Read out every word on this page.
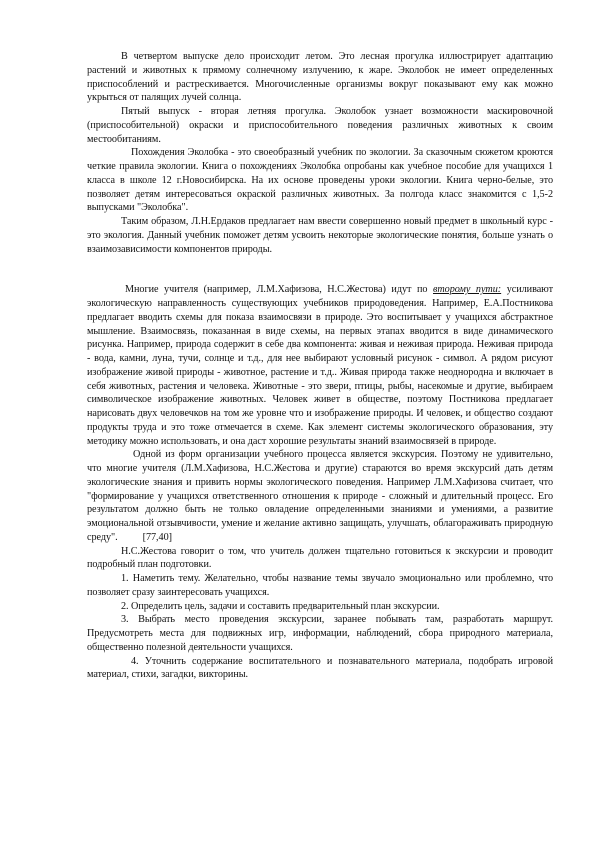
В четвертом выпуске дело происходит летом. Это лесная прогулка иллюстрирует адаптацию растений и животных к прямому солнечному излучению, к жаре. Эколобок не имеет определенных приспособлений и растрескивается. Многочисленные организмы вокруг показывают ему как можно укрыться от палящих лучей солнца.

Пятый выпуск - вторая летняя прогулка. Эколобок узнает возможности маскировочной (приспособительной) окраски и приспособительного поведения различных животных к своим местообитаниям.

Похождения Эколобка - это своеобразный учебник по экологии. За сказочным сюжетом кроются четкие правила экологии. Книга о похождениях Эколобка опробаны как учебное пособие для учащихся 1 класса в школе 12 г.Новосибирска. На их основе проведены уроки экологии. Книга черно-белые, это позволяет детям интересоваться окраской различных животных. За полгода класс знакомится с 1,5-2 выпусками "Эколобка".

Таким образом, Л.Н.Ердаков предлагает нам ввести совершенно новый предмет в школьный курс - это экология. Данный учебник поможет детям усвоить некоторые экологические понятия, больше узнать о взаимозависимости компонентов природы.

Многие учителя (например, Л.М.Хафизова, Н.С.Жестова) идут по второму пути: усиливают экологическую направленность существующих учебников природоведения. Например, Е.А.Постникова предлагает вводить схемы для показа взаимосвязи в природе. Это воспитывает у учащихся абстрактное мышление. Взаимосвязь, показанная в виде схемы, на первых этапах вводится в виде динамического рисунка. Например, природа содержит в себе два компонента: живая и неживая природа. Неживая природа - вода, камни, луна, тучи, солнце и т.д., для нее выбирают условный рисунок - символ. А рядом рисуют изображение живой природы - животное, растение и т.д.. Живая природа также неоднородна и включает в себя животных, растения и человека. Животные - это звери, птицы, рыбы, насекомые и другие, выбираем символическое изображение животных. Человек живет в обществе, поэтому Постникова предлагает нарисовать двух человечков на том же уровне что и изображение природы. И человек, и общество создают продукты труда и это тоже отмечается в схеме. Как элемент системы экологического образования, эту методику можно использовать, и она даст хорошие результаты знаний взаимосвязей в природе.

Одной из форм организации учебного процесса является экскурсия. Поэтому не удивительно, что многие учителя (Л.М.Хафизова, Н.С.Жестова и другие) стараются во время экскурсий дать детям экологические знания и привить нормы экологического поведения. Например Л.М.Хафизова считает, что "формирование у учащихся ответственного отношения к природе - сложный и длительный процесс. Его результатом должно быть не только овладение определенными знаниями и умениями, а развитие эмоциональной отзывчивости, умение и желание активно защищать, улучшать, облагораживать природную среду". [77,40]

Н.С.Жестова говорит о том, что учитель должен тщательно готовиться к экскурсии и проводит подробный план подготовки.

1. Наметить тему. Желательно, чтобы название темы звучало эмоционально или проблемно, что позволяет сразу заинтересовать учащихся.

2. Определить цель, задачи и составить предварительный план экскурсии.

3. Выбрать место проведения экскурсии, заранее побывать там, разработать маршрут. Предусмотреть места для подвижных игр, информации, наблюдений, сбора природного материала, общественно полезной деятельности учащихся.

4. Уточнить содержание воспитательного и познавательного материала, подобрать игровой материал, стихи, загадки, викторины.
